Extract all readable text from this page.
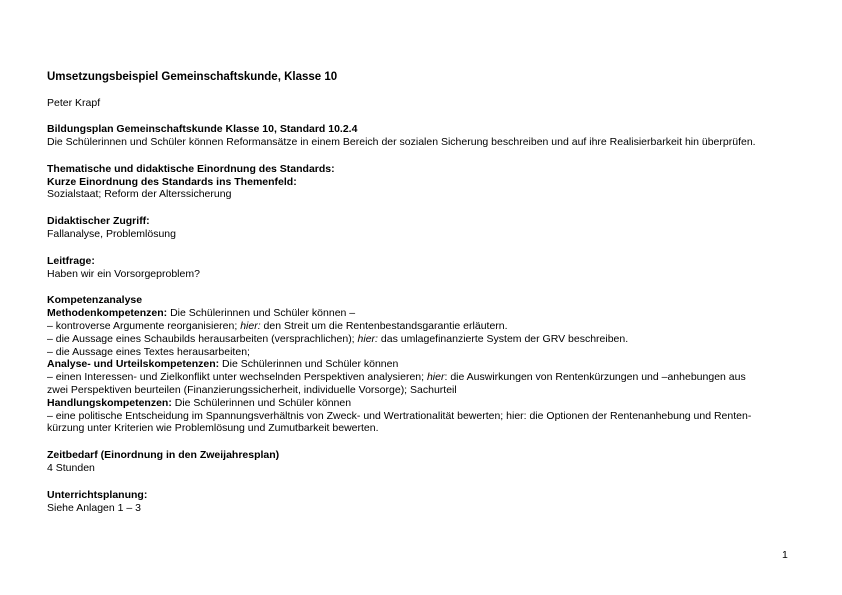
Umsetzungsbeispiel Gemeinschaftskunde, Klasse 10
Peter Krapf
Bildungsplan Gemeinschaftskunde Klasse 10, Standard 10.2.4
Die Schülerinnen und Schüler können Reformansätze in einem Bereich der sozialen Sicherung beschreiben und auf ihre Realisierbarkeit hin überprüfen.
Thematische und didaktische Einordnung des Standards:
Kurze Einordnung des Standards ins Themenfeld:
Sozialstaat; Reform der Alterssicherung
Didaktischer Zugriff:
Fallanalyse, Problemlösung
Leitfrage:
Haben wir ein Vorsorgeproblem?
Kompetenzanalyse
Methodenkompetenzen: Die Schülerinnen und Schüler können –
– kontroverse Argumente reorganisieren; hier: den Streit um die Rentenbestandsgarantie erläutern.
– die Aussage eines Schaubilds herausarbeiten (versprachlichen); hier: das umlagefinanzierte System der GRV beschreiben.
– die Aussage eines Textes herausarbeiten;
Analyse- und Urteilskompetenzen: Die Schülerinnen und Schüler können
– einen Interessen- und Zielkonflikt unter wechselnden Perspektiven analysieren; hier: die Auswirkungen von Rentenkürzungen und –anhebungen aus
zwei Perspektiven beurteilen (Finanzierungssicherheit, individuelle Vorsorge); Sachurteil
Handlungskompetenzen: Die Schülerinnen und Schüler können
– eine politische Entscheidung im Spannungsverhältnis von Zweck- und Wertrationalität bewerten; hier: die Optionen der Rentenanhebung und Renten-
kürzung unter Kriterien wie Problemlösung und Zumutbarkeit bewerten.
Zeitbedarf (Einordnung in den Zweijahresplan)
4 Stunden
Unterrichtsplanung:
Siehe Anlagen 1 – 3
1
